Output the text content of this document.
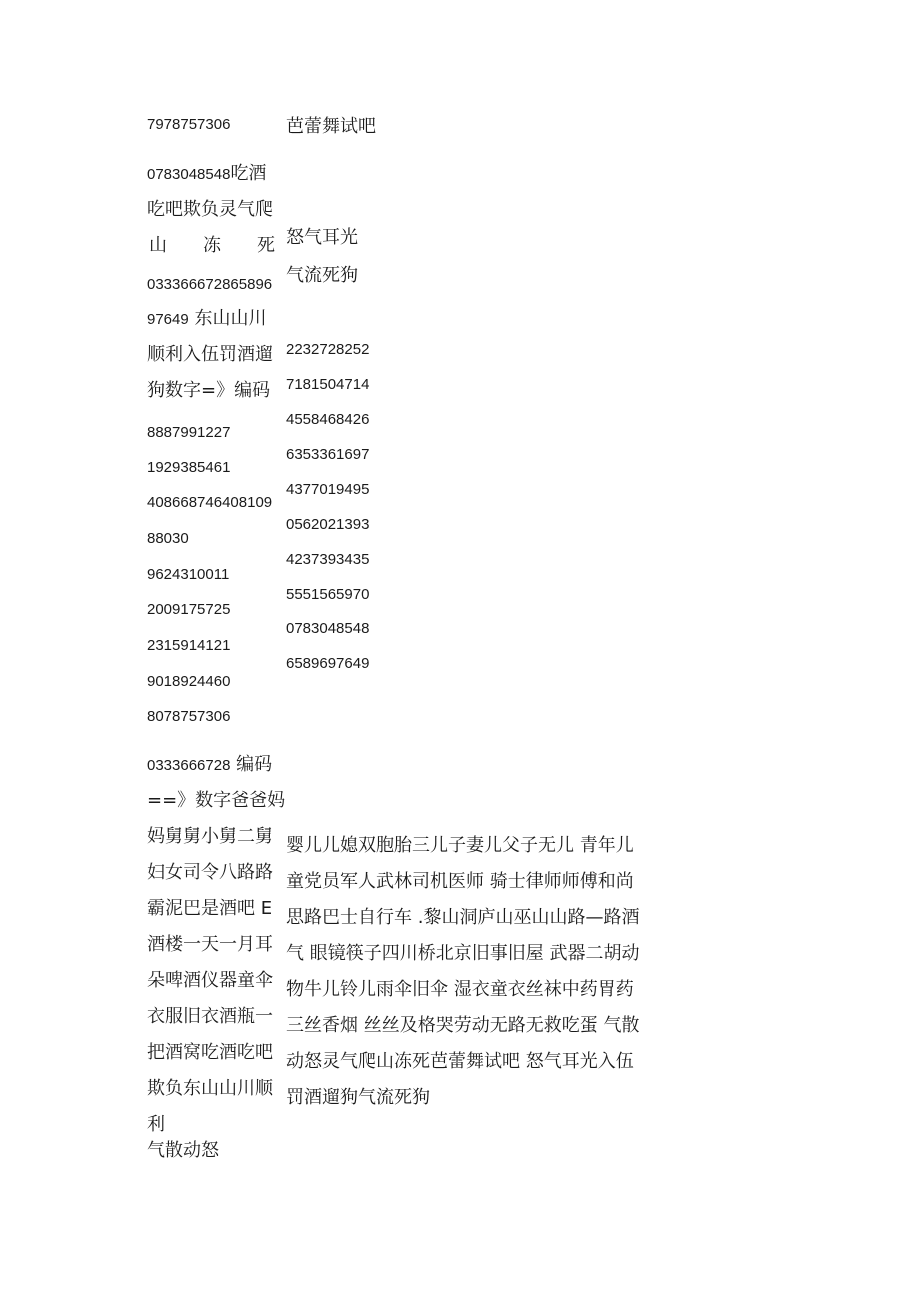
7978757306
0783048548吃酒
吃吧欺负灵气爬
山 冻 死
033366672865896
97649 东山山川
顺利入伍罚酒遛
狗数字=》编码
8887991227
1929385461
408668746408109
88030
9624310011
2009175725
2315914121
9018924460
8078757306
0333666728 编码
==》数字爸爸妈
妈舅舅小舅二舅
妇女司令八路路
霸泥巴是酒吧 E
酒楼一天一月耳
朵啤酒仪器童伞
衣服旧衣酒瓶一
把酒窝吃酒吃吧
欺负东山山川顺
利
气散动怒
芭蕾舞试吧
怒气耳光
气流死狗
2232728252
7181504714
4558468426
6353361697
4377019495
0562021393
4237393435
5551565970
0783048548
6589697649
婴儿儿媳双胞胎三儿子妻儿父子无儿 青年儿童党员军人武林司机医师 骑士律师师傅和尚思路巴士自行车 .黎山洞庐山巫山山路—路酒气 眼镜筷子四川桥北京旧事旧屋 武器二胡动物牛儿铃儿雨伞旧伞 湿衣童衣丝袜中药胃药三丝香烟 丝丝及格哭劳动无路无救吃蛋 气散动怒灵气爬山冻死芭蕾舞试吧 怒气耳光入伍罚酒遛狗气流死狗
